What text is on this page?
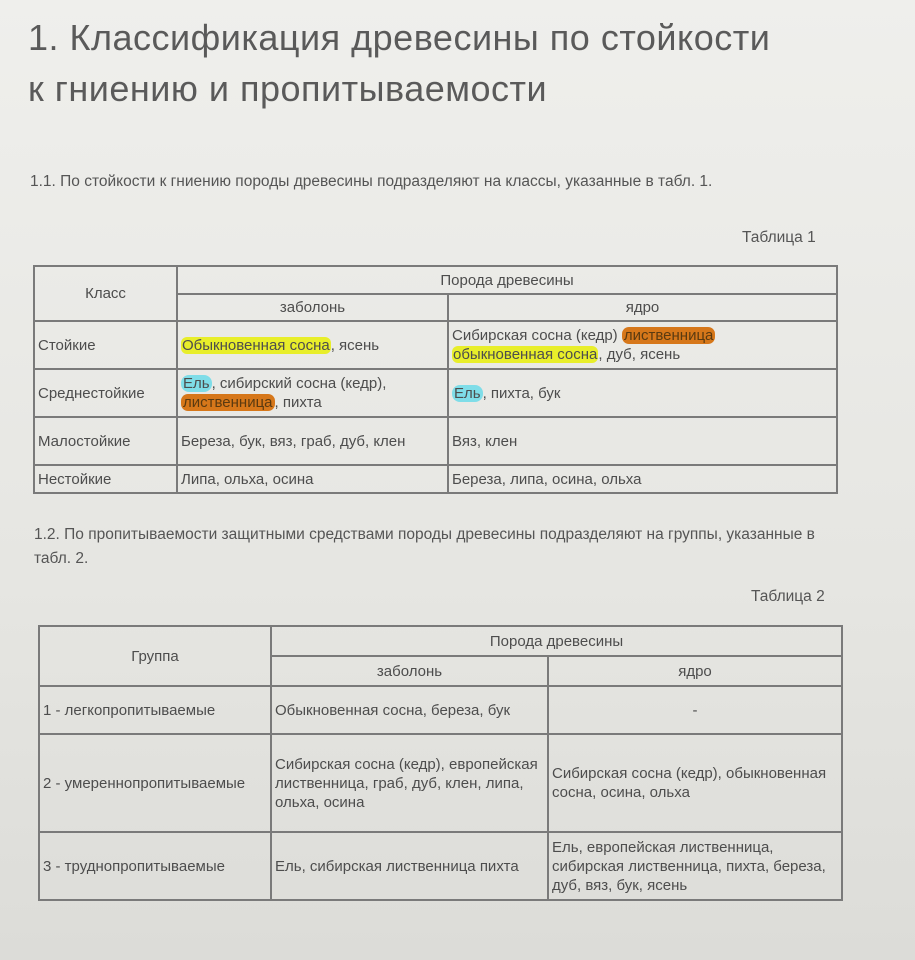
1. Классификация древесины по стойкости к гниению и пропитываемости

1.1. По стойкости к гниению породы древесины подразделяют на классы, указанные в табл. 1.

Таблица 1
Класс	Порода древесины	
	заболонь	ядро
Стойкие	Обыкновенная сосна, ясень	Сибирская сосна (кедр) лиственница
обыкновенная сосна, дуб, ясень
Среднестойкие	Ель , сибирский сосна (кедр),
лиственница , пихта	Ель , пихта, бук
Малостойкие	Береза, бук, вяз, граб, дуб, клен	Вяз, клен
Нестойкие	Липа, ольха, осина	Береза, липа, осина, ольха

1.2. По пропитываемости защитными средствами породы древесины подразделяют на группы, указанные в табл. 2.

Таблица 2
Группа	Порода древесины	
	заболонь	ядро
1 - легкопропитываемые	Обыкновенная сосна, береза, бук	-
2 - умереннопропитываемые	Сибирская сосна (кедр), европейская лиственница, граб, дуб, клен, липа, ольха, осина	Сибирская сосна (кедр), обыкновенная сосна, осина, ольха
3 - труднопропитываемые	Ель, сибирская лиственница пихта	Ель, европейская лиственница, сибирская лиственница, пихта, береза, дуб, вяз, бук, ясень
